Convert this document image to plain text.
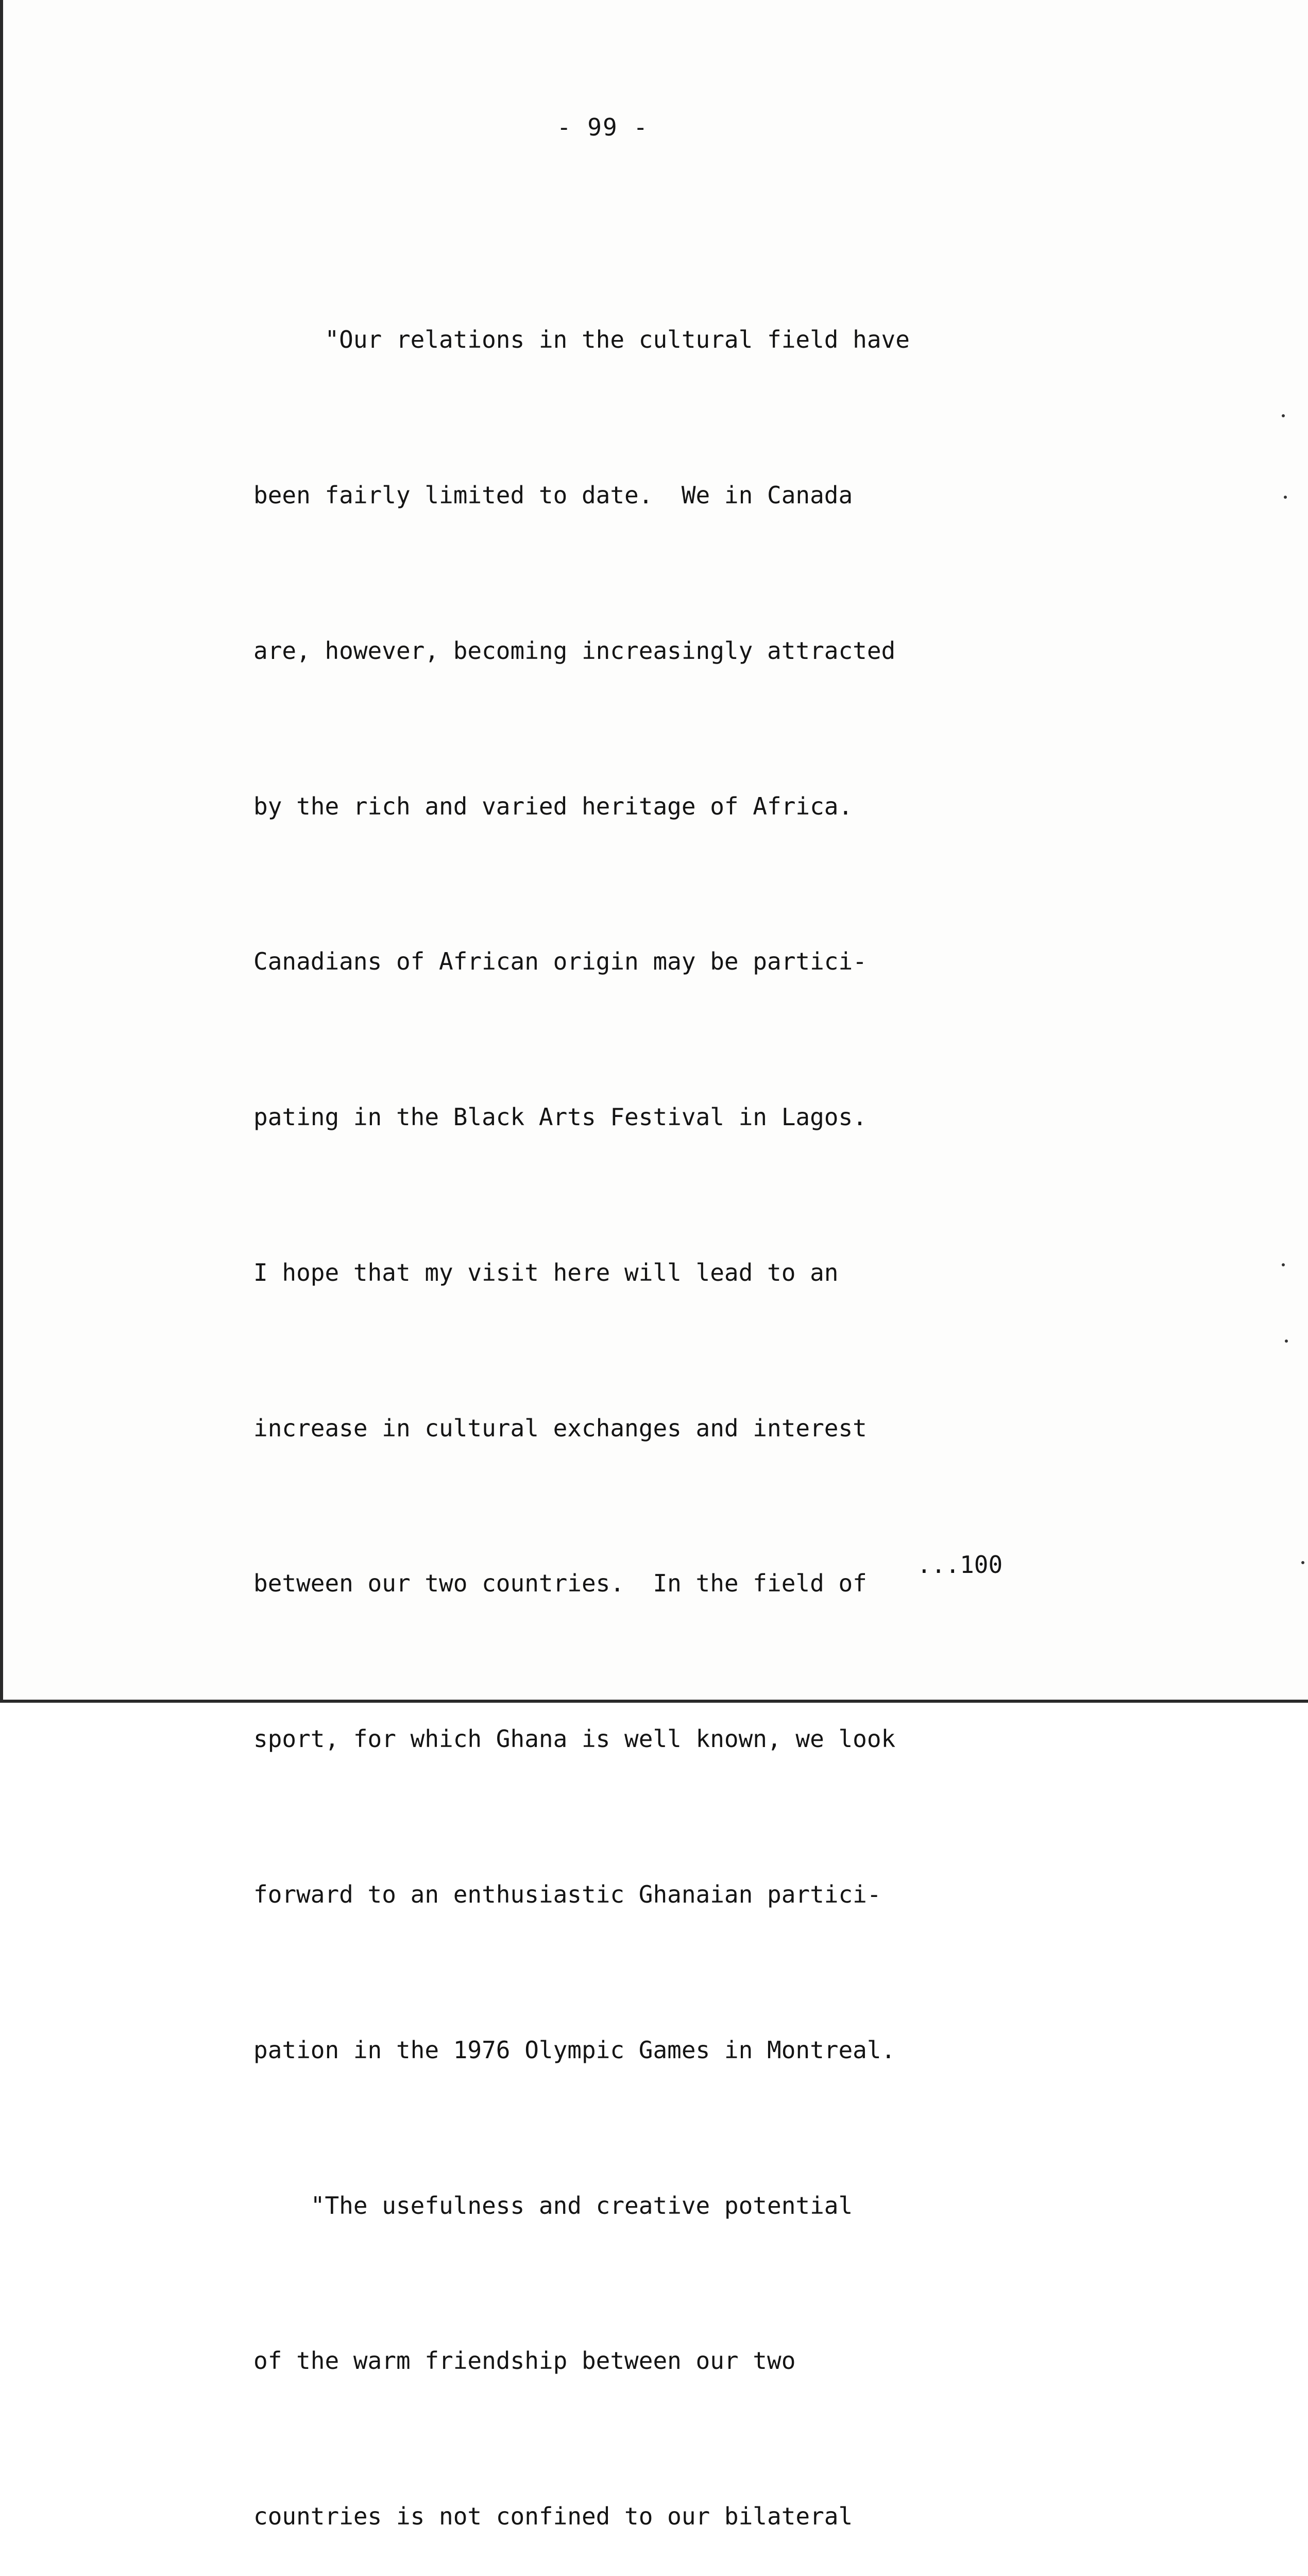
- 99 -

"Our relations in the cultural field have

been fairly limited to date.  We in Canada

are, however, becoming increasingly attracted

by the rich and varied heritage of Africa.

Canadians of African origin may be partici-

pating in the Black Arts Festival in Lagos.

I hope that my visit here will lead to an

increase in cultural exchanges and interest

between our two countries.  In the field of

sport, for which Ghana is well known, we look

forward to an enthusiastic Ghanaian partici-

pation in the 1976 Olympic Games in Montreal.

"The usefulness and creative potential

of the warm friendship between our two

countries is not confined to our bilateral

...100
